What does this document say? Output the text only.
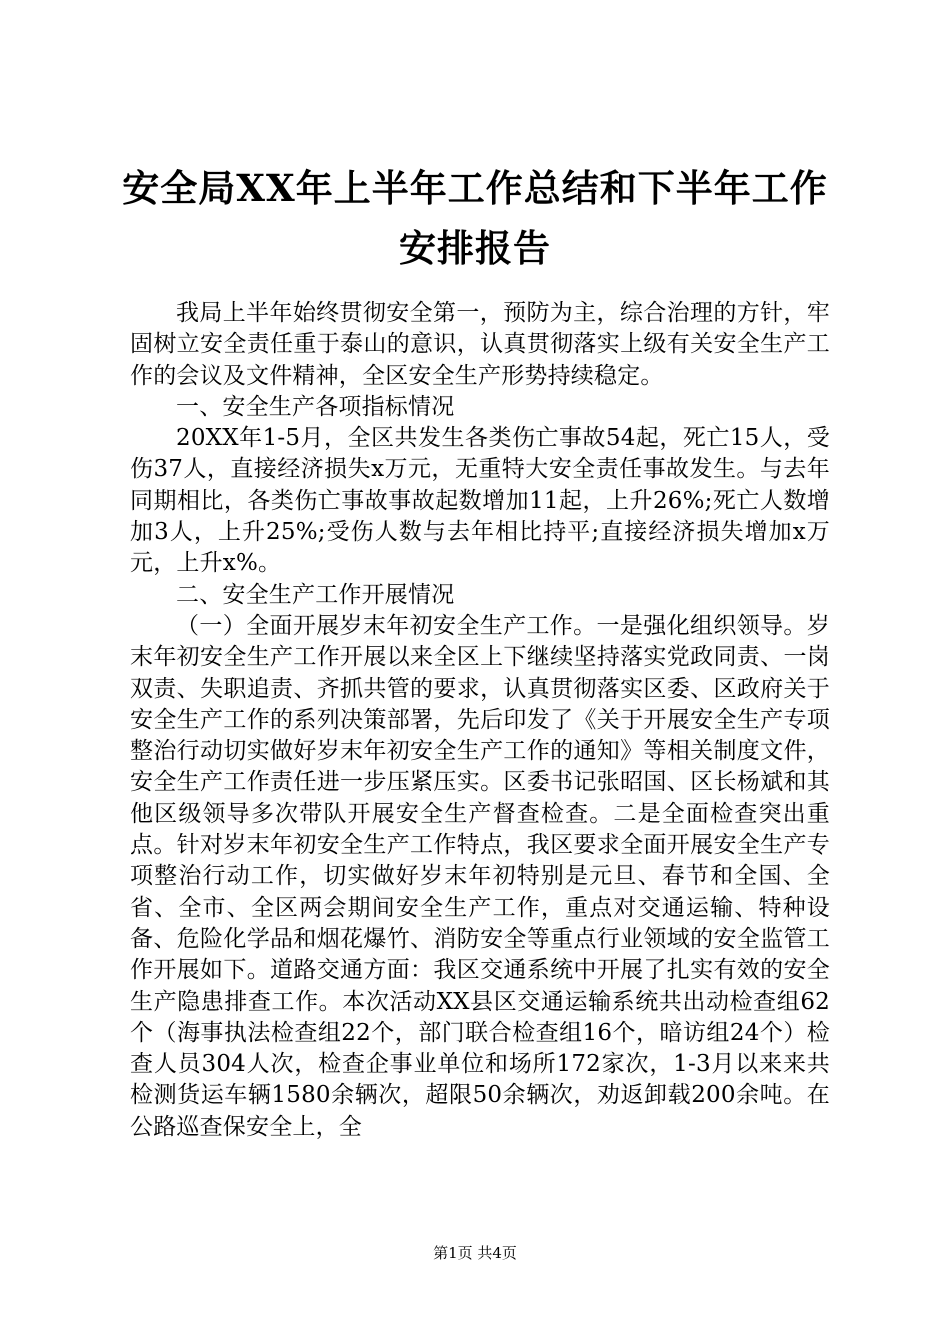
安全局XX年上半年工作总结和下半年工作安排报告

我局上半年始终贯彻安全第一，预防为主，综合治理的方针，牢固树立安全责任重于泰山的意识，认真贯彻落实上级有关安全生产工作的会议及文件精神，全区安全生产形势持续稳定。

一、安全生产各项指标情况

20XX年1-5月，全区共发生各类伤亡事故54起，死亡15人，受伤37人，直接经济损失x万元，无重特大安全责任事故发生。与去年同期相比，各类伤亡事故事故起数增加11起，上升26%;死亡人数增加3人，上升25%;受伤人数与去年相比持平;直接经济损失增加x万元，上升x%。

二、安全生产工作开展情况

（一）全面开展岁末年初安全生产工作。一是强化组织领导。岁末年初安全生产工作开展以来全区上下继续坚持落实党政同责、一岗双责、失职追责、齐抓共管的要求，认真贯彻落实区委、区政府关于安全生产工作的系列决策部署，先后印发了《关于开展安全生产专项整治行动切实做好岁末年初安全生产工作的通知》等相关制度文件，安全生产工作责任进一步压紧压实。区委书记张昭国、区长杨斌和其他区级领导多次带队开展安全生产督查检查。二是全面检查突出重点。针对岁末年初安全生产工作特点，我区要求全面开展安全生产专项整治行动工作，切实做好岁末年初特别是元旦、春节和全国、全省、全市、全区两会期间安全生产工作，重点对交通运输、特种设备、危险化学品和烟花爆竹、消防安全等重点行业领域的安全监管工作开展如下。道路交通方面：我区交通系统中开展了扎实有效的安全生产隐患排查工作。本次活动XX县区交通运输系统共出动检查组62个（海事执法检查组22个，部门联合检查组16个，暗访组24个）检查人员304人次，检查企事业单位和场所172家次，1-3月以来来共检测货运车辆1580余辆次，超限50余辆次，劝返卸载200余吨。在公路巡查保安全上，全

第1页 共4页
